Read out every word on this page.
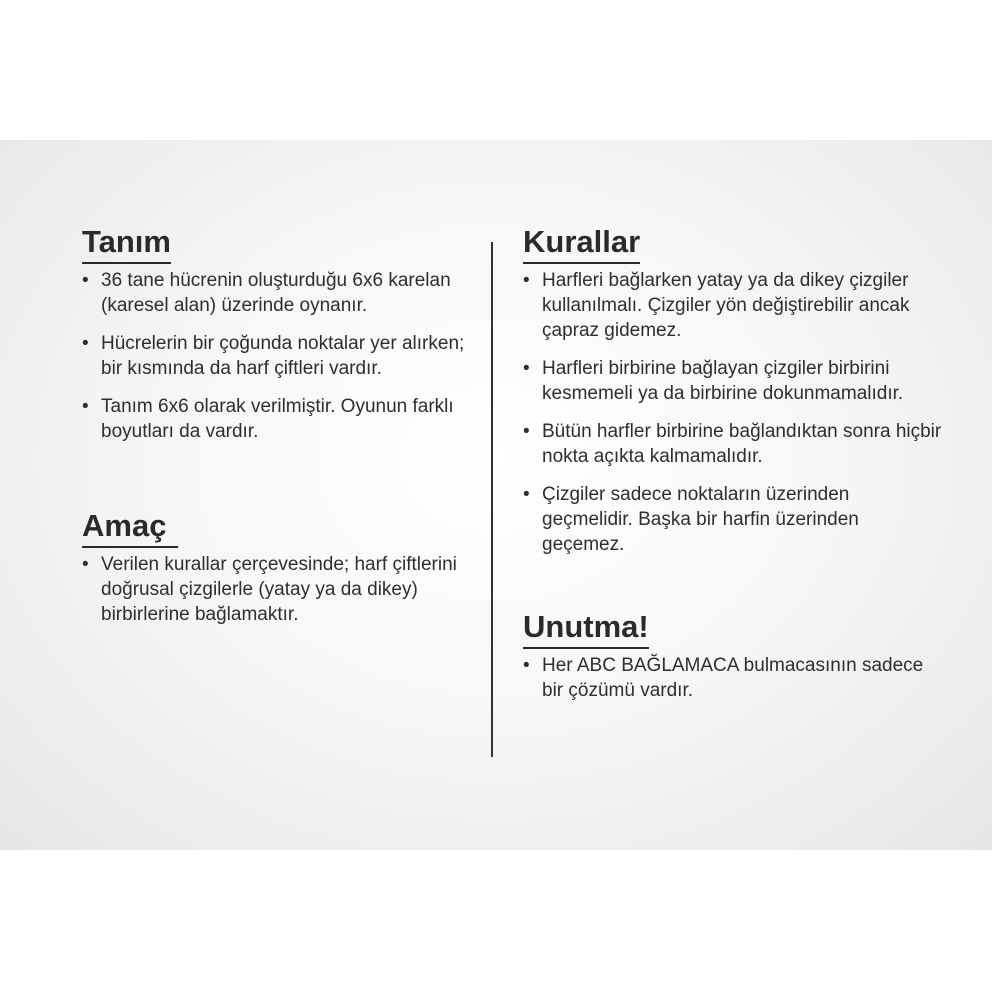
Tanım
• 36 tane hücrenin oluşturduğu 6x6 karelan (karesel alan) üzerinde oynanır.
• Hücrelerin bir çoğunda noktalar yer alırken; bir kısmında da harf çiftleri vardır.
• Tanım 6x6 olarak verilmiştir. Oyunun farklı boyutları da vardır.
Amaç
• Verilen kurallar çerçevesinde; harf çiftlerini doğrusal çizgilerle (yatay ya da dikey) birbirlerine bağlamaktır.
Kurallar
• Harfleri bağlarken yatay ya da dikey çizgiler kullanılmalı. Çizgiler yön değiştirebilir ancak çapraz gidemez.
• Harfleri birbirine bağlayan çizgiler birbirini kesmemeli ya da birbirine dokunmamalıdır.
• Bütün harfler birbirine bağlandıktan sonra hiçbir nokta açıkta kalmamalıdır.
• Çizgiler sadece noktaların üzerinden geçmelidir. Başka bir harfin üzerinden geçemez.
Unutma!
• Her ABC BAĞLAMACA bulmacasının sadece bir çözümü vardır.
